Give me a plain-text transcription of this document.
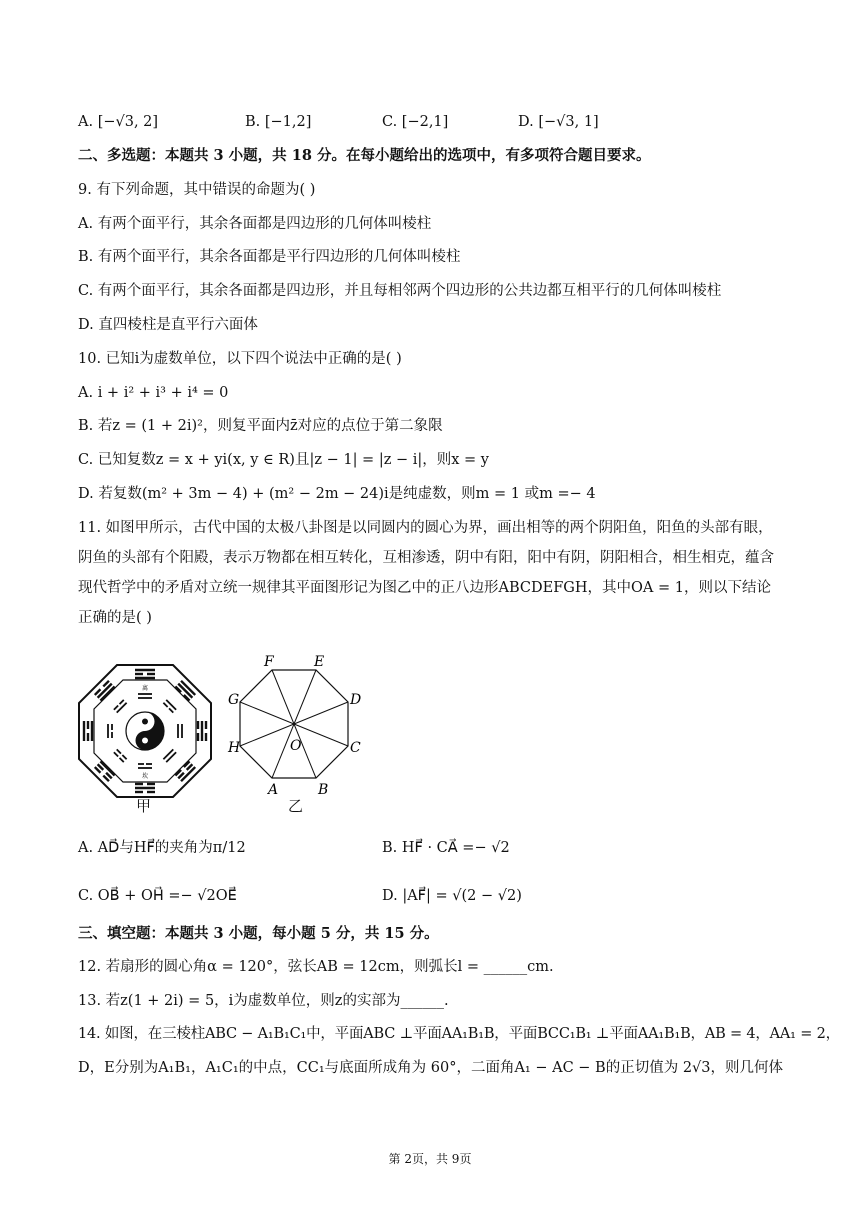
A. [−√3, 2]	B. [−1,2]	C. [−2,1]	D. [−√3, 1]
二、多选题：本题共 3 小题，共 18 分。在每小题给出的选项中，有多项符合题目要求。
9. 有下列命题，其中错误的命题为( )
A. 有两个面平行，其余各面都是四边形的几何体叫棱柱
B. 有两个面平行，其余各面都是平行四边形的几何体叫棱柱
C. 有两个面平行，其余各面都是四边形，并且每相邻两个四边形的公共边都互相平行的几何体叫棱柱
D. 直四棱柱是直平行六面体
10. 已知i为虚数单位，以下四个说法中正确的是( )
A. i + i² + i³ + i⁴ = 0
B. 若z = (1 + 2i)²，则复平面内z̄对应的点位于第二象限
C. 已知复数z = x + yi(x, y ∈ R)且|z − 1| = |z − i|，则x = y
D. 若复数(m² + 3m − 4) + (m² − 2m − 24)i是纯虚数，则m = 1 或m =− 4
11. 如图甲所示，古代中国的太极八卦图是以同圆内的圆心为界，画出相等的两个阴阳鱼，阳鱼的头部有眼，阴鱼的头部有个阳殿，表示万物都在相互转化，互相渗透，阴中有阳，阳中有阴，阴阳相合，相生相克，蕴含现代哲学中的矛盾对立统一规律其平面图形记为图乙中的正八边形ABCDEFGH，其中OA = 1，则以下结论正确的是( )
离
坎
甲
A	B
C
D
E
F
G
H	O
乙
A. AD⃗与HF⃗的夹角为π/12	B. HF⃗ · CA⃗ =− √2
C. OB⃗ + OH⃗ =− √2OE⃗	D. |AF⃗| = √(2 − √2)
三、填空题：本题共 3 小题，每小题 5 分，共 15 分。
12. 若扇形的圆心角α = 120°，弦长AB = 12cm，则弧长l = ______cm.
13. 若z(1 + 2i) = 5，i为虚数单位，则z的实部为______.
14. 如图，在三棱柱ABC − A₁B₁C₁中，平面ABC ⊥平面AA₁B₁B，平面BCC₁B₁ ⊥平面AA₁B₁B，AB = 4，AA₁ = 2，
D，E分别为A₁B₁，A₁C₁的中点，CC₁与底面所成角为 60°，二面角A₁ − AC − B的正切值为 2√3，则几何体
第 2页，共 9页
